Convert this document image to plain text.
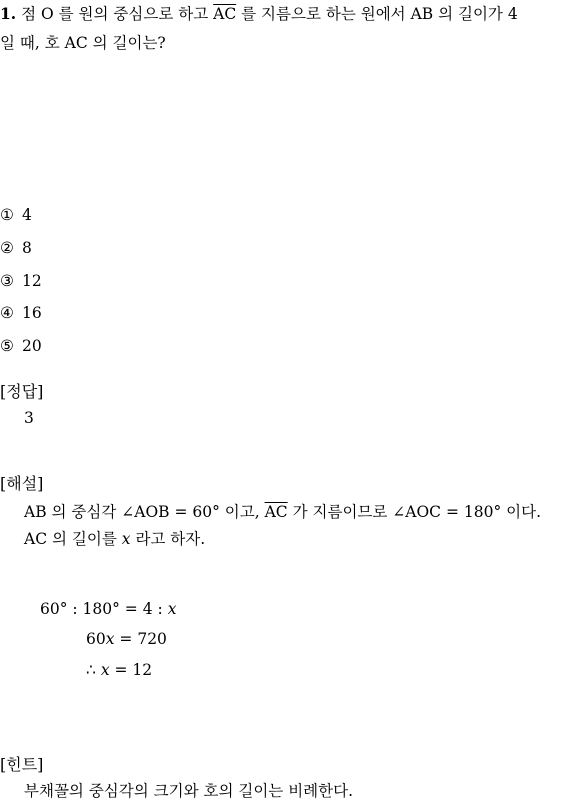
1. 점 O 를 원의 중심으로 하고 $\overline{AC}$ 를 지름으로 하는 원에서 AB 의 길이가 4
일 때, 호 AC 의 길이는?
① 4
② 8
③ 12
④ 16
⑤ 20
[정답]
3
[해설]
AB 의 중심각 ∠AOB = 60° 이고, $\overline{AC}$ 가 지름이므로 ∠AOC = 180° 이다.
AC 의 길이를 x 라고 하자.
60° : 180° = 4 : x
60x = 720
∴ x = 12
[힌트]
부채꼴의 중심각의 크기와 호의 길이는 비례한다.
